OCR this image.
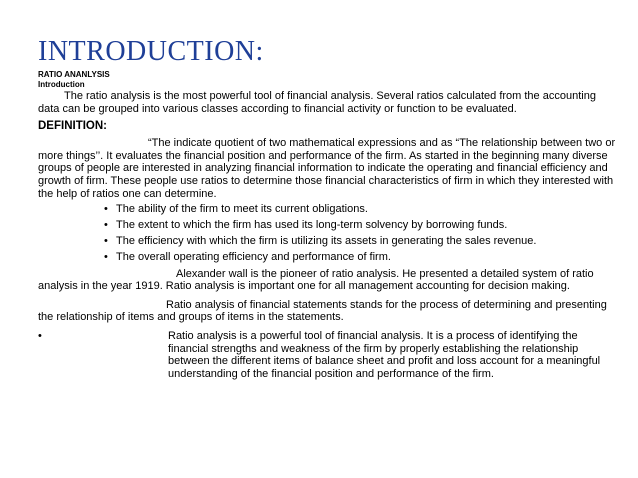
INTRODUCTION:

RATIO ANANLYSIS

Introduction

The ratio analysis is the most powerful tool of financial analysis. Several ratios calculated from the accounting data can be grouped into various classes according to financial activity or function to be evaluated.

DEFINITION:

“The indicate quotient of two mathematical expressions and as “The relationship between two or more things’’. It evaluates the financial position and performance of the firm. As started in the beginning many diverse groups of people are interested in analyzing financial information to indicate the operating and financial efficiency and growth of firm. These people use ratios to determine those financial characteristics of firm in which they interested with the help of ratios one can determine.

• The ability of the firm to meet its current obligations.
• The extent to which the firm has used its long-term solvency by borrowing funds.
• The efficiency with which the firm is utilizing its assets in generating the sales revenue.
• The overall operating efficiency and performance of firm.

Alexander wall is the pioneer of ratio analysis. He presented a detailed system of ratio analysis in the year 1919. Ratio analysis is important one for all management accounting for decision making.

Ratio analysis of financial statements stands for the process of determining and presenting the relationship of items and groups of items in the statements.

•	Ratio analysis is a powerful tool of financial analysis. It is a process of identifying the financial strengths and weakness of the firm by properly establishing the relationship between the different items of balance sheet and profit and loss account for a meaningful understanding of the financial position and performance of the firm.
